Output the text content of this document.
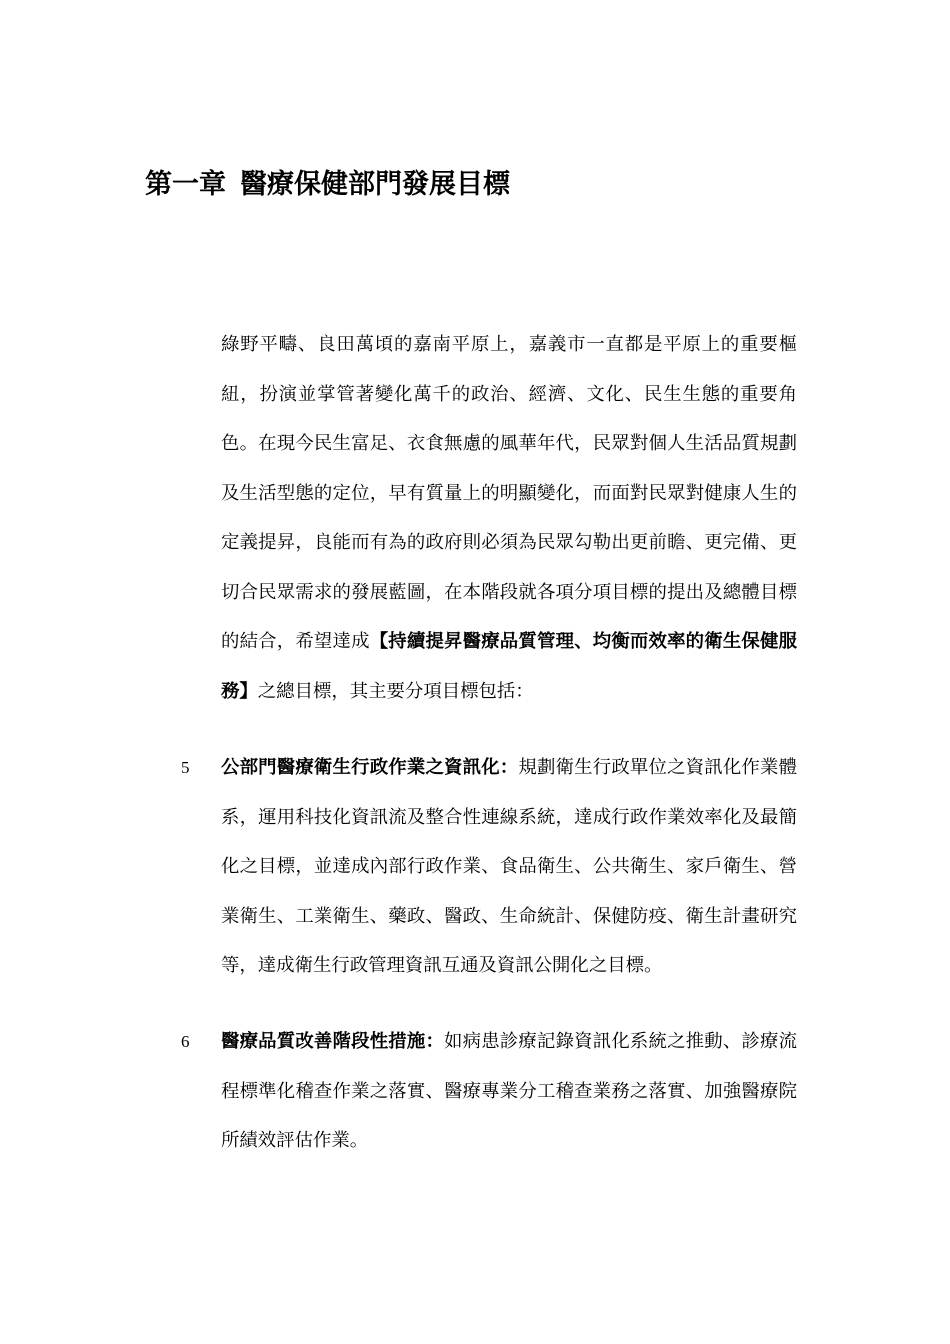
第一章 醫療保健部門發展目標

綠野平疇、良田萬頃的嘉南平原上，嘉義市一直都是平原上的重要樞紐，扮演並掌管著變化萬千的政治、經濟、文化、民生生態的重要角色。在現今民生富足、衣食無慮的風華年代，民眾對個人生活品質規劃及生活型態的定位，早有質量上的明顯變化，而面對民眾對健康人生的定義提昇，良能而有為的政府則必須為民眾勾勒出更前瞻、更完備、更切合民眾需求的發展藍圖，在本階段就各項分項目標的提出及總體目標的結合，希望達成【持續提昇醫療品質管理、均衡而效率的衛生保健服務】之總目標，其主要分項目標包括：

5 公部門醫療衛生行政作業之資訊化：規劃衛生行政單位之資訊化作業體系，運用科技化資訊流及整合性連線系統，達成行政作業效率化及最簡化之目標，並達成內部行政作業、食品衛生、公共衛生、家戶衛生、營業衛生、工業衛生、藥政、醫政、生命統計、保健防疫、衛生計畫研究等，達成衛生行政管理資訊互通及資訊公開化之目標。

6 醫療品質改善階段性措施：如病患診療記錄資訊化系統之推動、診療流程標準化稽查作業之落實、醫療專業分工稽查業務之落實、加強醫療院所績效評估作業。
